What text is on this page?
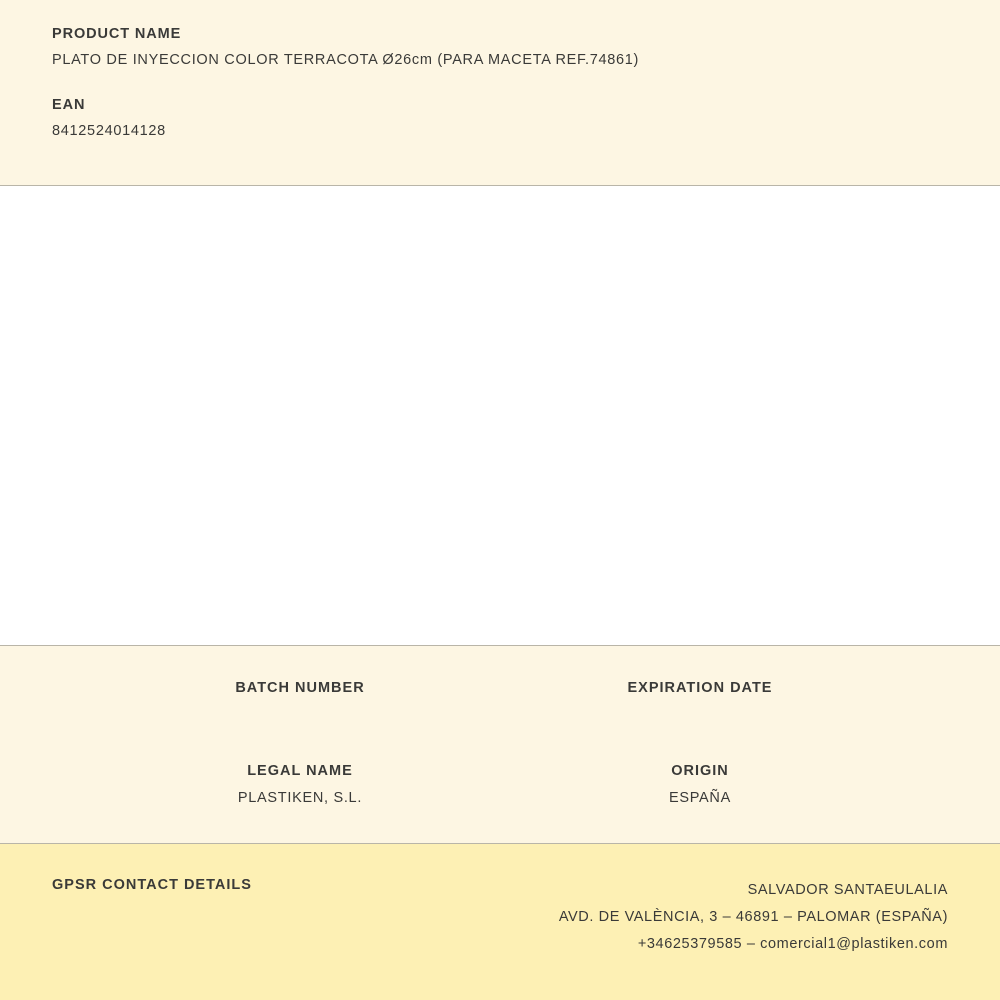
PRODUCT NAME
PLATO DE INYECCION COLOR TERRACOTA Ø26cm (PARA MACETA REF.74861)
EAN
8412524014128
BATCH NUMBER	EXPIRATION DATE
LEGAL NAME
PLASTIKEN, S.L.
ORIGIN
ESPAÑA
GPSR CONTACT DETAILS	SALVADOR SANTAEULALIA
AVD. DE VALÈNCIA, 3 – 46891 – PALOMAR (ESPAÑA)
+34625379585 – comercial1@plastiken.com
